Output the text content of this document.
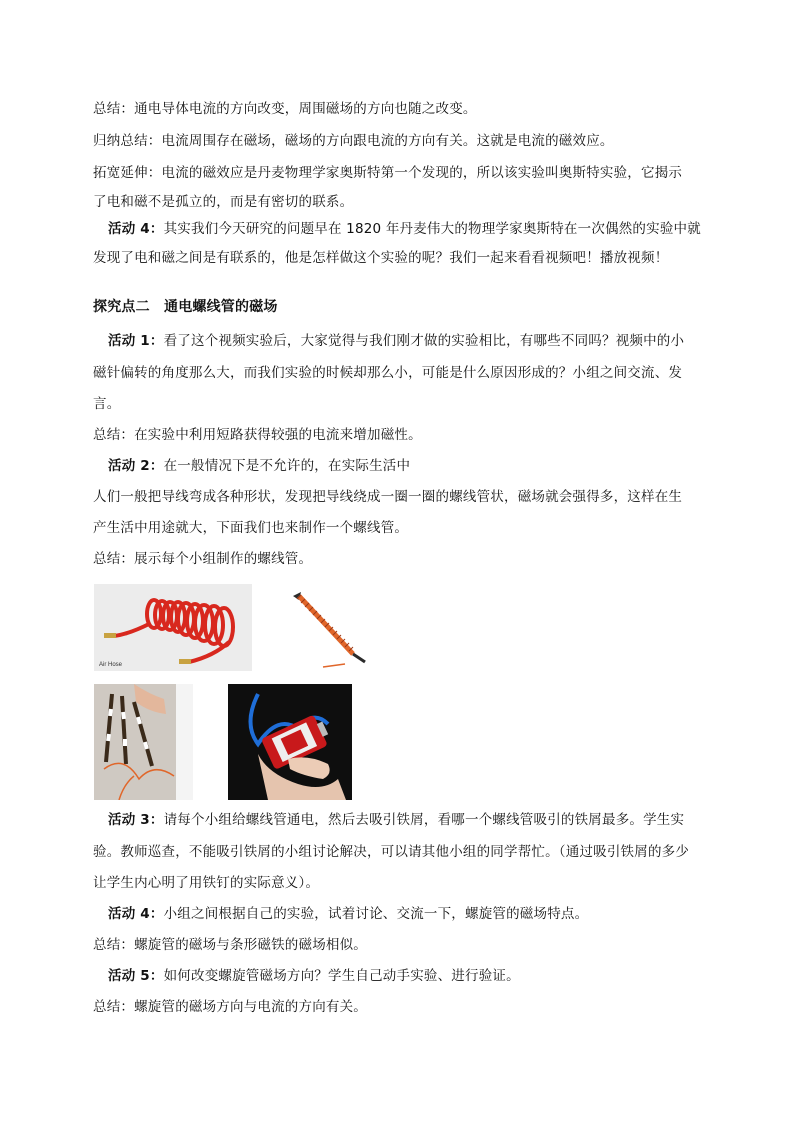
总结：通电导体电流的方向改变，周围磁场的方向也随之改变。
归纳总结：电流周围存在磁场，磁场的方向跟电流的方向有关。这就是电流的磁效应。
拓宽延伸：电流的磁效应是丹麦物理学家奥斯特第一个发现的，所以该实验叫奥斯特实验，它揭示
了电和磁不是孤立的，而是有密切的联系。
活动 4：其实我们今天研究的问题早在 1820 年丹麦伟大的物理学家奥斯特在一次偶然的实验中就
发现了电和磁之间是有联系的，他是怎样做这个实验的呢？我们一起来看看视频吧！播放视频！
探究点二　通电螺线管的磁场
活动 1：看了这个视频实验后，大家觉得与我们刚才做的实验相比，有哪些不同吗？视频中的小
磁针偏转的角度那么大，而我们实验的时候却那么小，可能是什么原因形成的？小组之间交流、发
言。
总结：在实验中利用短路获得较强的电流来增加磁性。
活动 2：在一般情况下是不允许的，在实际生活中
人们一般把导线弯成各种形状，发现把导线绕成一圈一圈的螺线管状，磁场就会强得多，这样在生
产生活中用途就大，下面我们也来制作一个螺线管。
总结：展示每个小组制作的螺线管。
Air Hose
活动 3：请每个小组给螺线管通电，然后去吸引铁屑，看哪一个螺线管吸引的铁屑最多。学生实
验。教师巡查，不能吸引铁屑的小组讨论解决，可以请其他小组的同学帮忙。（通过吸引铁屑的多少
让学生内心明了用铁钉的实际意义）。
活动 4：小组之间根据自己的实验，试着讨论、交流一下，螺旋管的磁场特点。
总结：螺旋管的磁场与条形磁铁的磁场相似。
活动 5：如何改变螺旋管磁场方向？学生自己动手实验、进行验证。
总结：螺旋管的磁场方向与电流的方向有关。
